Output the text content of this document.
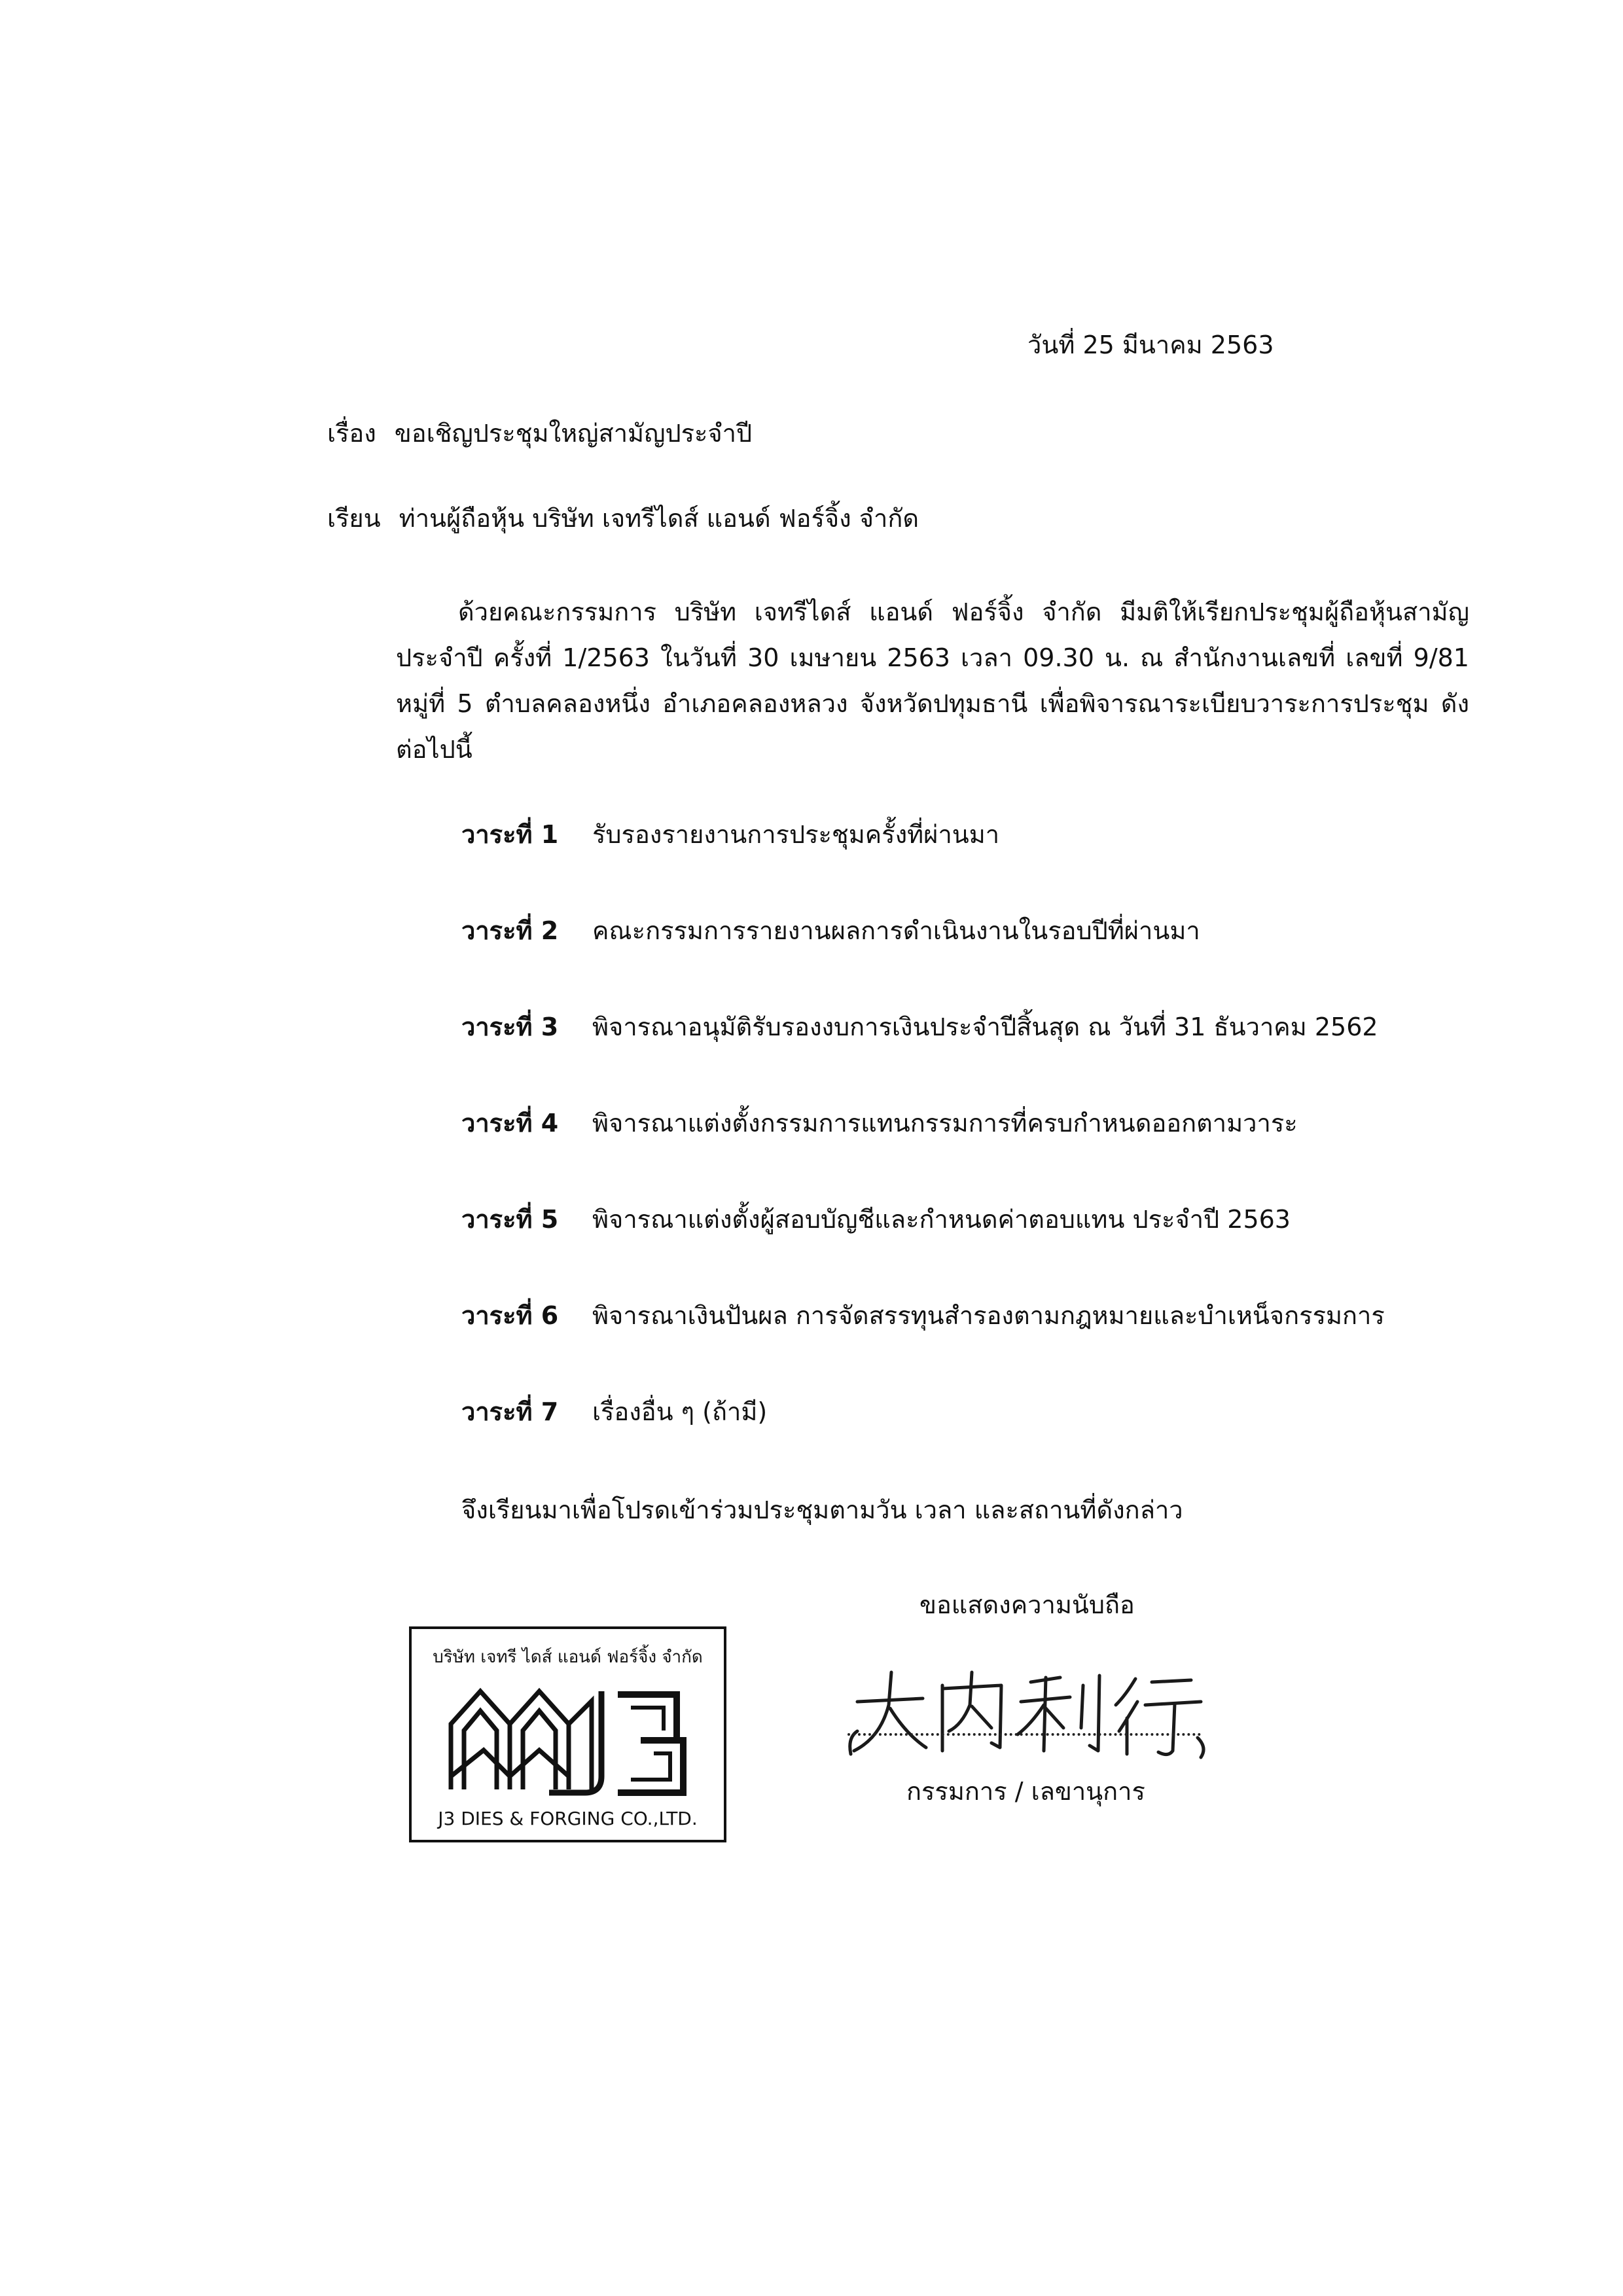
วันที่ 25 มีนาคม 2563
เรื่อง ขอเชิญประชุมใหญ่สามัญประจำปี
เรียน ท่านผู้ถือหุ้น บริษัท เจทรีไดส์ แอนด์ ฟอร์จิ้ง จำกัด

ด้วยคณะกรรมการ บริษัท เจทรีไดส์ แอนด์ ฟอร์จิ้ง จำกัด มีมติให้เรียกประชุมผู้ถือหุ้นสามัญ ประจำปี ครั้งที่ 1/2563 ในวันที่ 30 เมษายน 2563 เวลา 09.30 น. ณ สำนักงานเลขที่ เลขที่ 9/81 หมู่ที่ 5 ตำบลคลองหนึ่ง อำเภอคลองหลวง จังหวัดปทุมธานี เพื่อพิจารณาระเบียบวาระการประชุม ดังต่อไปนี้

วาระที่ 1 รับรองรายงานการประชุมครั้งที่ผ่านมา
วาระที่ 2 คณะกรรมการรายงานผลการดำเนินงานในรอบปีที่ผ่านมา
วาระที่ 3 พิจารณาอนุมัติรับรองงบการเงินประจำปีสิ้นสุด ณ วันที่ 31 ธันวาคม 2562
วาระที่ 4 พิจารณาแต่งตั้งกรรมการแทนกรรมการที่ครบกำหนดออกตามวาระ
วาระที่ 5 พิจารณาแต่งตั้งผู้สอบบัญชีและกำหนดค่าตอบแทน ประจำปี 2563
วาระที่ 6 พิจารณาเงินปันผล การจัดสรรทุนสำรองตามกฎหมายและบำเหน็จกรรมการ
วาระที่ 7 เรื่องอื่น ๆ (ถ้ามี)
จึงเรียนมาเพื่อโปรดเข้าร่วมประชุมตามวัน เวลา และสถานที่ดังกล่าว
ขอแสดงความนับถือ
บริษัท เจทรี ไดส์ แอนด์ ฟอร์จิ้ง จำกัด
J3 DIES & FORGING CO.,LTD.
กรรมการ / เลขานุการ
